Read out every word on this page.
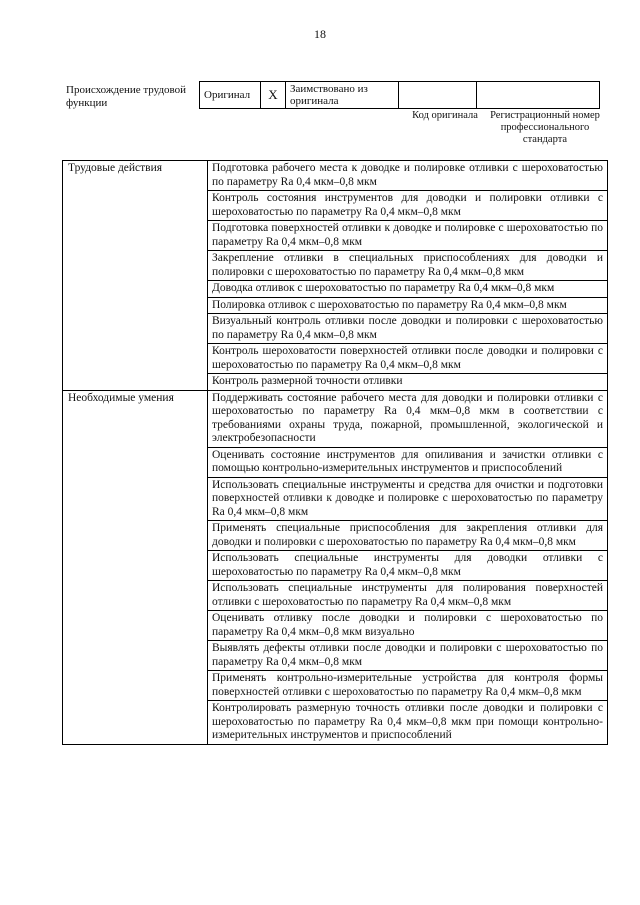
18
Происхождение трудовой функции
Оригинал	X	Заимствовано из оригинала		
Код оригинала	Регистрационный номер профессионального стандарта
Трудовые действия	Подготовка рабочего места к доводке и полировке отливки с шероховатостью по параметру Ra 0,4 мкм–0,8 мкм
	Контроль состояния инструментов для доводки и полировки отливки с шероховатостью по параметру Ra 0,4 мкм–0,8 мкм
	Подготовка поверхностей отливки к доводке и полировке с шероховатостью по параметру Ra 0,4 мкм–0,8 мкм
	Закрепление отливки в специальных приспособлениях для доводки и полировки с шероховатостью по параметру Ra 0,4 мкм–0,8 мкм
	Доводка отливок с шероховатостью по параметру Ra 0,4 мкм–0,8 мкм
	Полировка отливок с шероховатостью по параметру Ra 0,4 мкм–0,8 мкм
	Визуальный контроль отливки после доводки и полировки с шероховатостью по параметру Ra 0,4 мкм–0,8 мкм
	Контроль шероховатости поверхностей отливки после доводки и полировки с шероховатостью по параметру Ra 0,4 мкм–0,8 мкм
	Контроль размерной точности отливки
Необходимые умения	Поддерживать состояние рабочего места для доводки и полировки отливки с шероховатостью по параметру Ra 0,4 мкм–0,8 мкм в соответствии с требованиями охраны труда, пожарной, промышленной, экологической и электробезопасности
	Оценивать состояние инструментов для опиливания и зачистки отливки с помощью контрольно-измерительных инструментов и приспособлений
	Использовать специальные инструменты и средства для очистки и подготовки поверхностей отливки к доводке и полировке с шероховатостью по параметру Ra 0,4 мкм–0,8 мкм
	Применять специальные приспособления для закрепления отливки для доводки и полировки с шероховатостью по параметру Ra 0,4 мкм–0,8 мкм
	Использовать специальные инструменты для доводки отливки с шероховатостью по параметру Ra 0,4 мкм–0,8 мкм
	Использовать специальные инструменты для полирования поверхностей отливки с шероховатостью по параметру Ra 0,4 мкм–0,8 мкм
	Оценивать отливку после доводки и полировки с шероховатостью по параметру Ra 0,4 мкм–0,8 мкм визуально
	Выявлять дефекты отливки после доводки и полировки с шероховатостью по параметру Ra 0,4 мкм–0,8 мкм
	Применять контрольно-измерительные устройства для контроля формы поверхностей отливки с шероховатостью по параметру Ra 0,4 мкм–0,8 мкм
	Контролировать размерную точность отливки после доводки и полировки с шероховатостью по параметру Ra 0,4 мкм–0,8 мкм при помощи контрольно-измерительных инструментов и приспособлений
